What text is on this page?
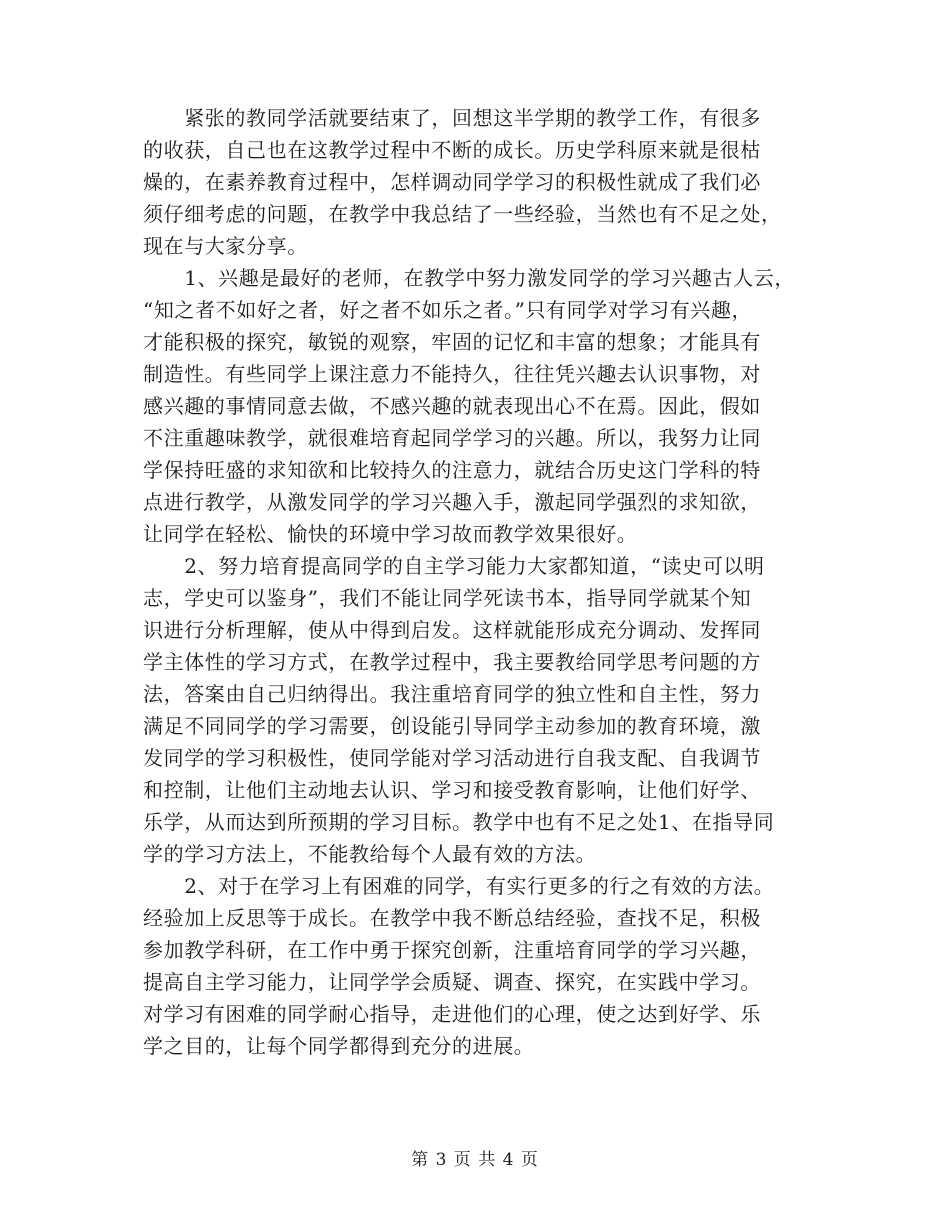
　　紧张的教同学活就要结束了，回想这半学期的教学工作，有很多
的收获，自己也在这教学过程中不断的成长。历史学科原来就是很枯
燥的，在素养教育过程中，怎样调动同学学习的积极性就成了我们必
须仔细考虑的问题，在教学中我总结了一些经验，当然也有不足之处，
现在与大家分享。
　　1、兴趣是最好的老师，在教学中努力激发同学的学习兴趣古人云，
“知之者不如好之者，好之者不如乐之者。”只有同学对学习有兴趣，
才能积极的探究，敏锐的观察，牢固的记忆和丰富的想象；才能具有
制造性。有些同学上课注意力不能持久，往往凭兴趣去认识事物，对
感兴趣的事情同意去做，不感兴趣的就表现出心不在焉。因此，假如
不注重趣味教学，就很难培育起同学学习的兴趣。所以，我努力让同
学保持旺盛的求知欲和比较持久的注意力，就结合历史这门学科的特
点进行教学，从激发同学的学习兴趣入手，激起同学强烈的求知欲，
让同学在轻松、愉快的环境中学习故而教学效果很好。
　　2、努力培育提高同学的自主学习能力大家都知道，“读史可以明
志，学史可以鉴身”，我们不能让同学死读书本，指导同学就某个知
识进行分析理解，使从中得到启发。这样就能形成充分调动、发挥同
学主体性的学习方式，在教学过程中，我主要教给同学思考问题的方
法，答案由自己归纳得出。我注重培育同学的独立性和自主性，努力
满足不同同学的学习需要，创设能引导同学主动参加的教育环境，激
发同学的学习积极性，使同学能对学习活动进行自我支配、自我调节
和控制，让他们主动地去认识、学习和接受教育影响，让他们好学、
乐学，从而达到所预期的学习目标。教学中也有不足之处1、在指导同
学的学习方法上，不能教给每个人最有效的方法。
　　2、对于在学习上有困难的同学，有实行更多的行之有效的方法。
经验加上反思等于成长。在教学中我不断总结经验，查找不足，积极
参加教学科研，在工作中勇于探究创新，注重培育同学的学习兴趣，
提高自主学习能力，让同学学会质疑、调查、探究，在实践中学习。
对学习有困难的同学耐心指导，走进他们的心理，使之达到好学、乐
学之目的，让每个同学都得到充分的进展。
第 3 页 共 4 页
